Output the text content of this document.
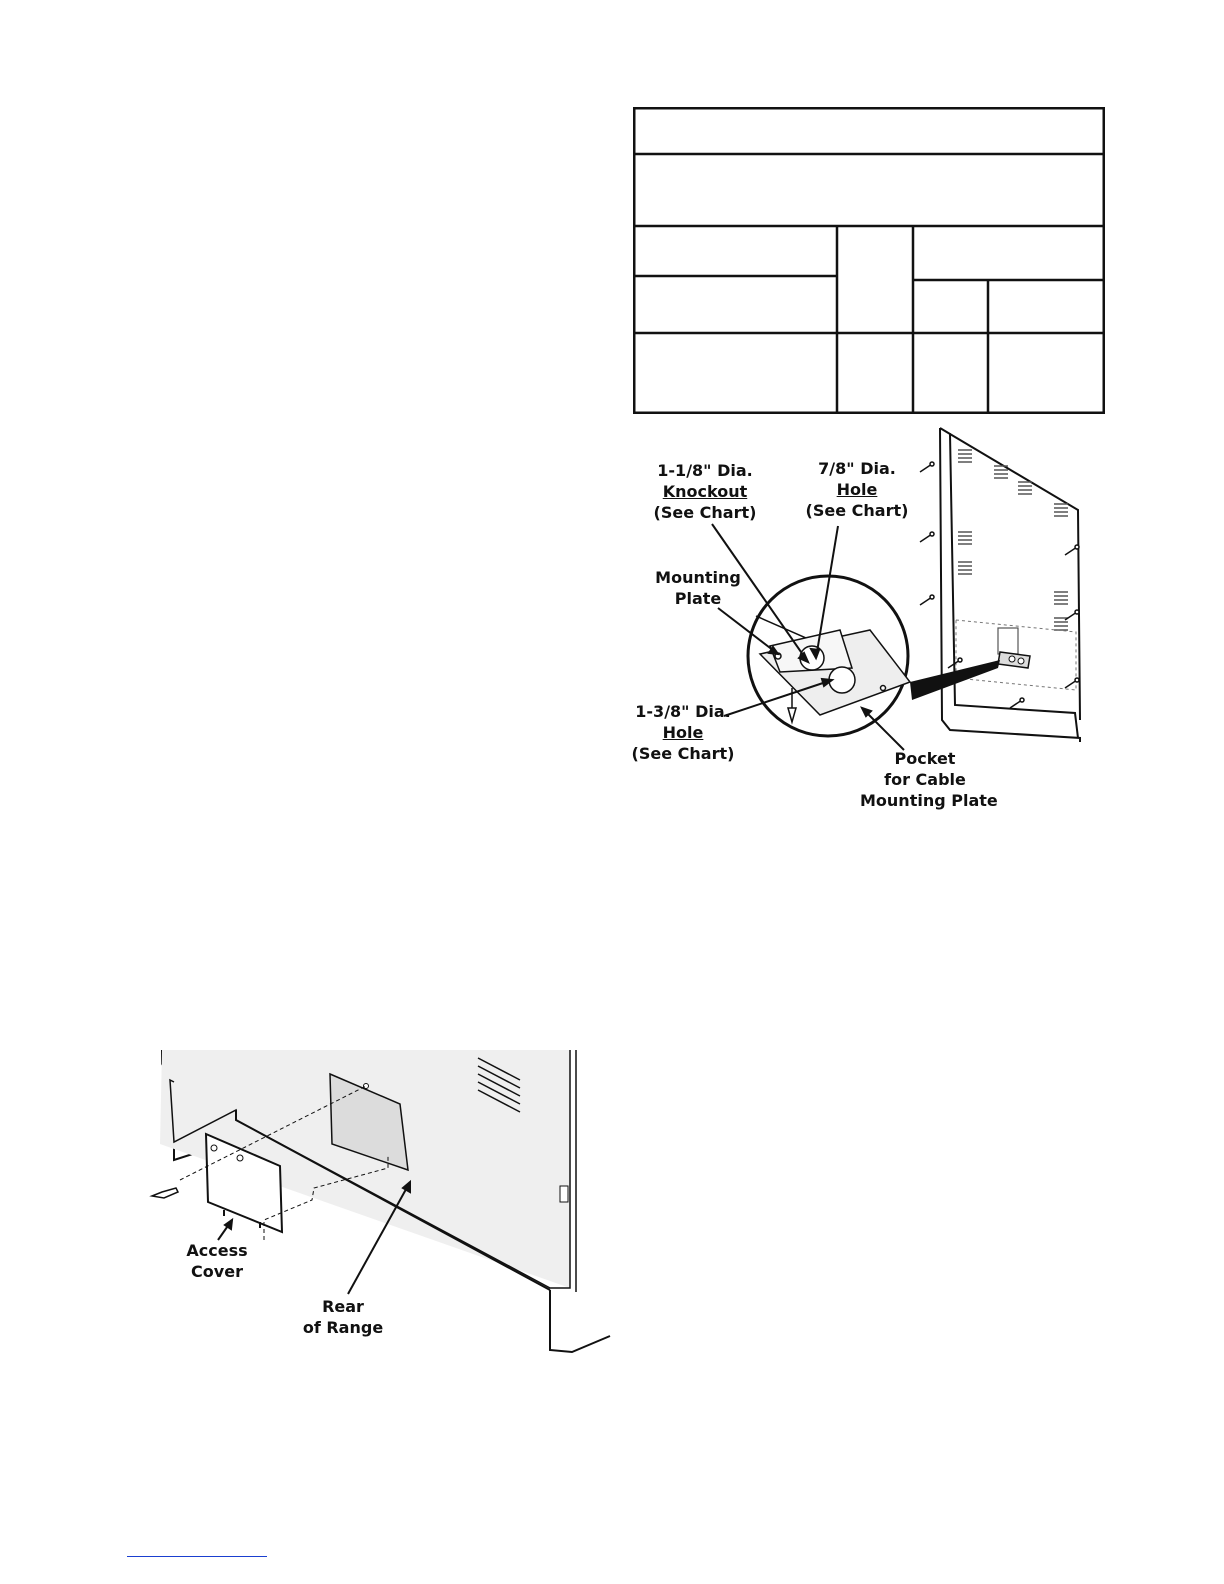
1-1/8" Dia.
Knockout
(See Chart)
7/8" Dia.
Hole
(See Chart)
Mounting
Plate
1-3/8" Dia.
Hole
(See Chart)	Pocket
for Cable
Mounting Plate
Access
Cover
Rear
of Range
